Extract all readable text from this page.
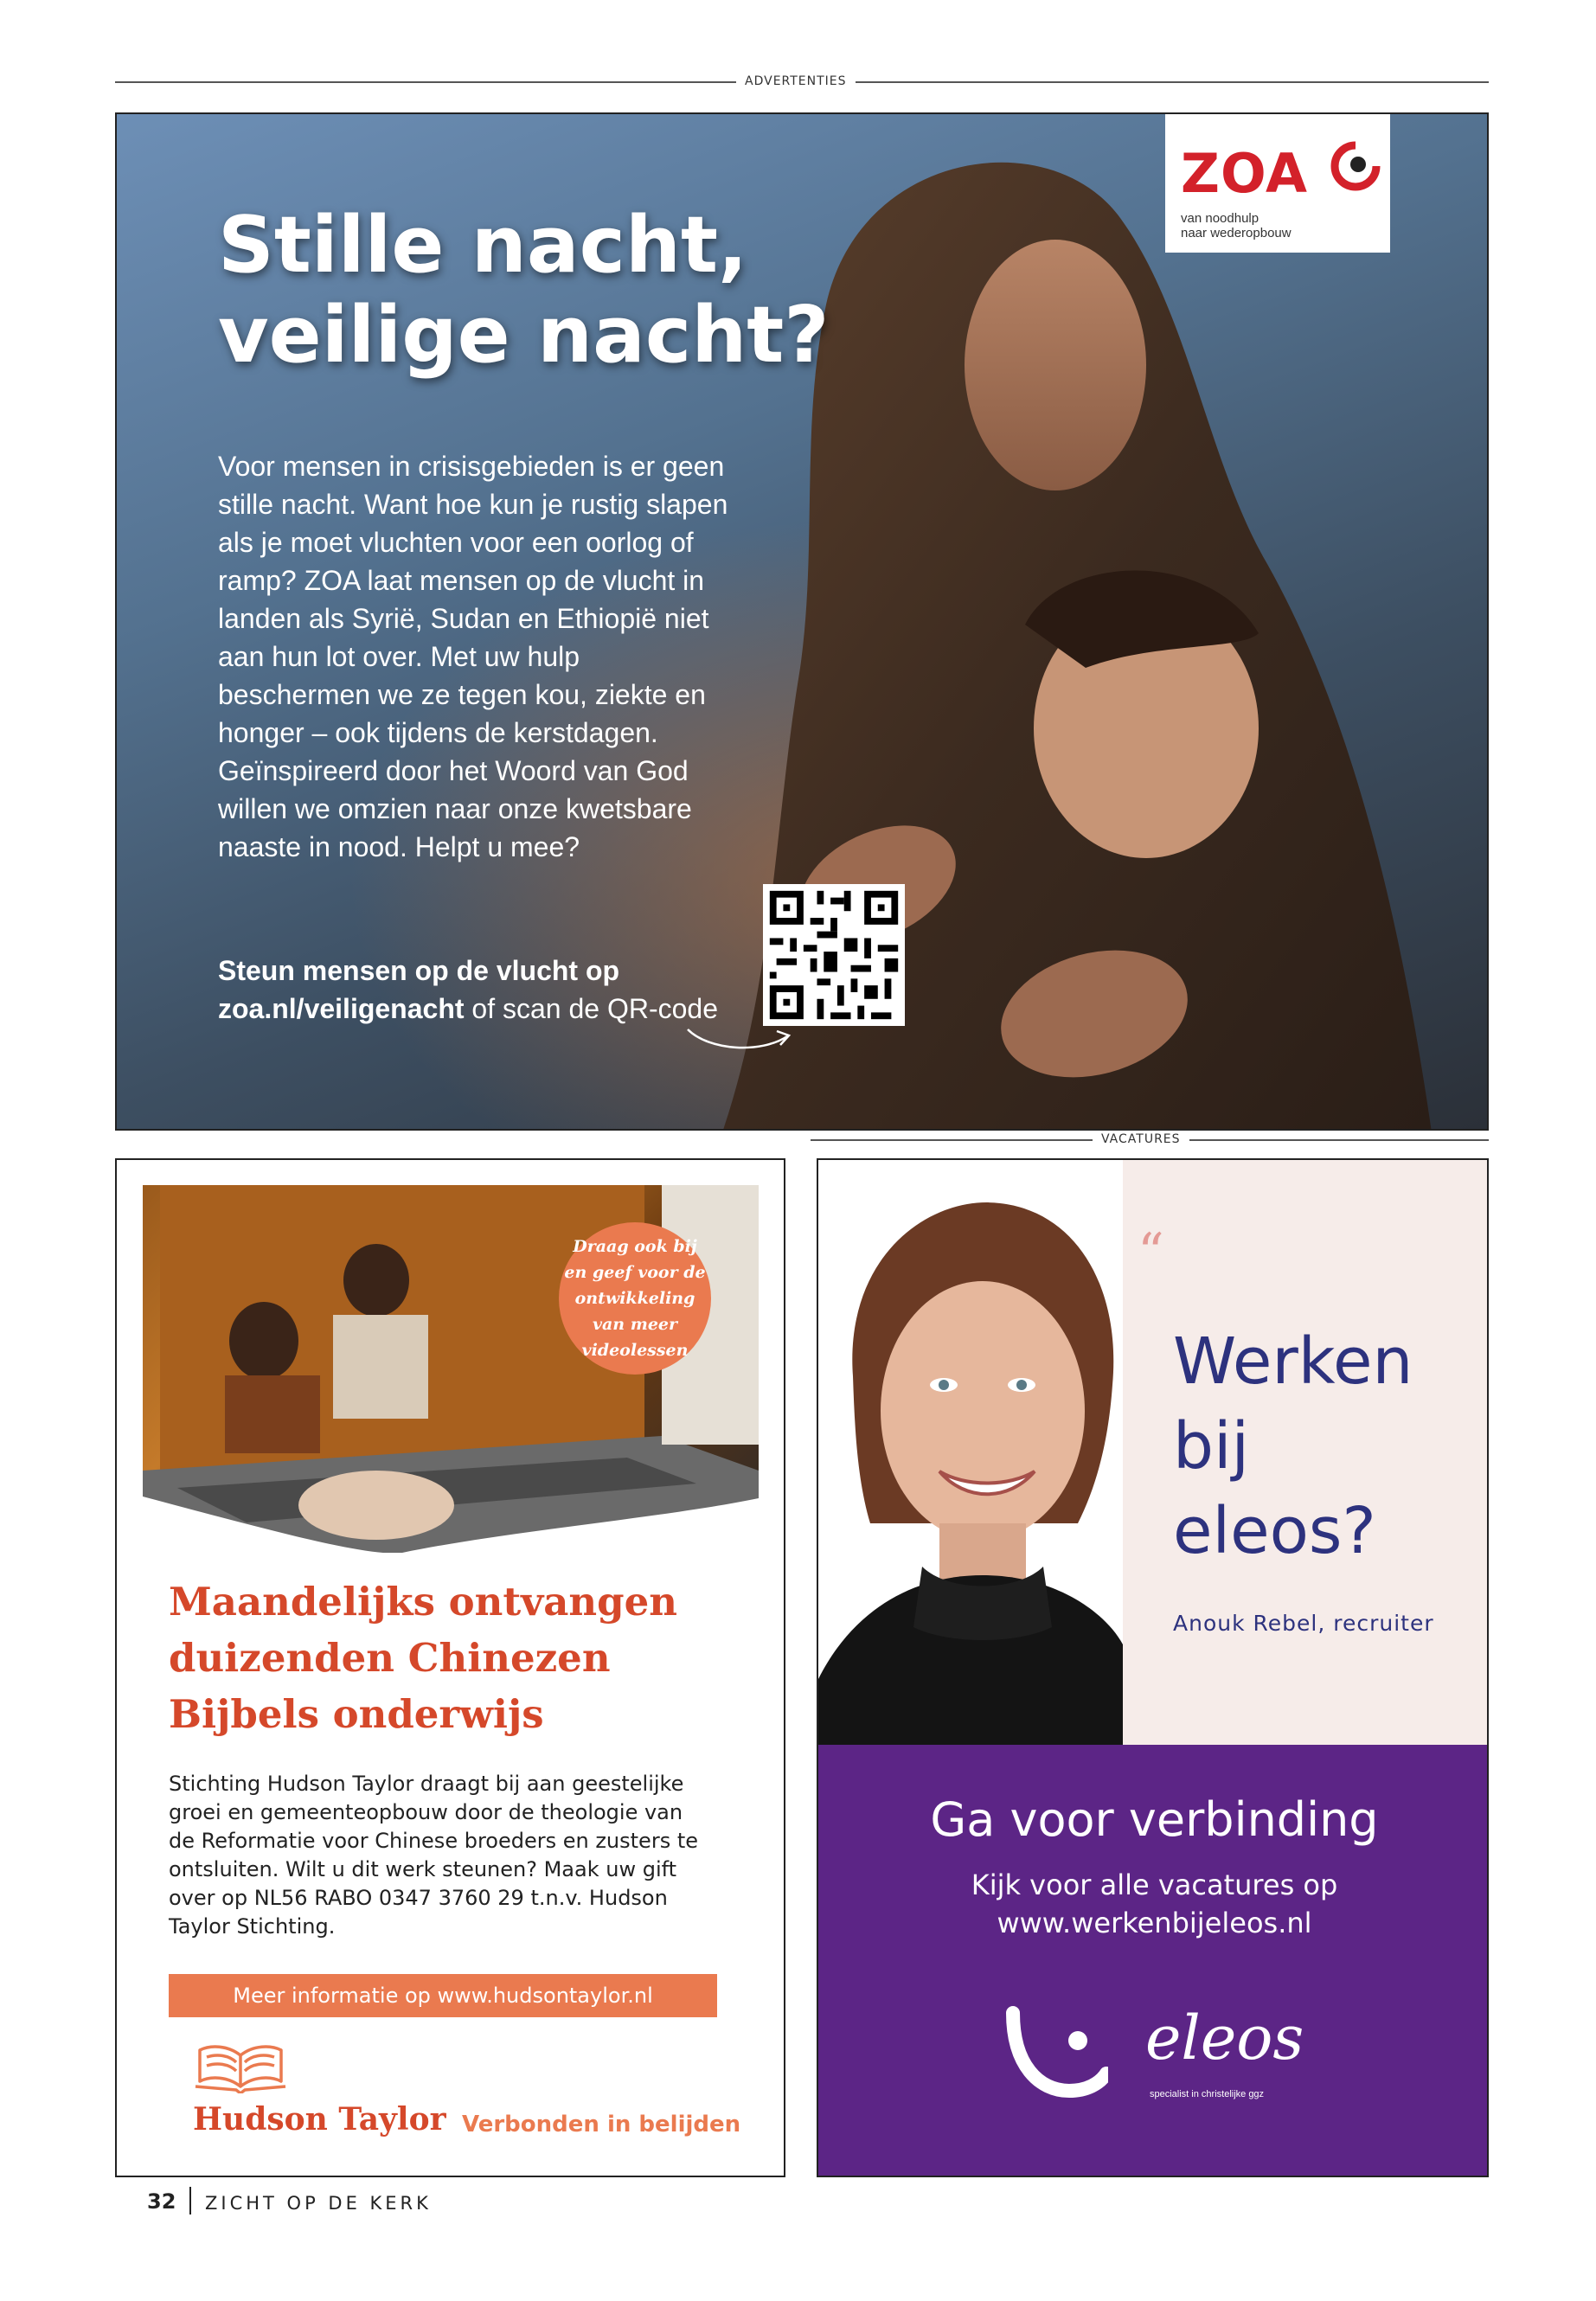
ADVERTENTIES
ZOA
van noodhulp
naar wederopbouw
Stille nacht,
veilige nacht?
Voor mensen in crisisgebieden is er geen stille nacht. Want hoe kun je rustig slapen als je moet vluchten voor een oorlog of ramp? ZOA laat mensen op de vlucht in landen als Syrië, Sudan en Ethiopië niet aan hun lot over. Met uw hulp beschermen we ze tegen kou, ziekte en honger – ook tijdens de kerstdagen. Geïnspireerd door het Woord van God willen we omzien naar onze kwetsbare naaste in nood. Helpt u mee?
Steun mensen op de vlucht op
zoa.nl/veiligenacht of scan de QR-code
VACATURES
Draag ook bij
en geef voor de
ontwikkeling
van meer
videolessen
Maandelijks ontvangen
duizenden Chinezen
Bijbels onderwijs
Stichting Hudson Taylor draagt bij aan geestelijke groei en gemeenteopbouw door de theologie van de Reformatie voor Chinese broeders en zusters te ontsluiten. Wilt u dit werk steunen? Maak uw gift over op NL56 RABO 0347 3760 29 t.n.v. Hudson Taylor Stichting.
Meer informatie op www.hudsontaylor.nl
Hudson Taylor Verbonden in belijden
“
Werken
bij
eleos?
Anouk Rebel, recruiter
Ga voor verbinding
Kijk voor alle vacatures op
www.werkenbijeleos.nl
eleos
specialist in christelijke ggz
32 ZICHT OP DE KERK
